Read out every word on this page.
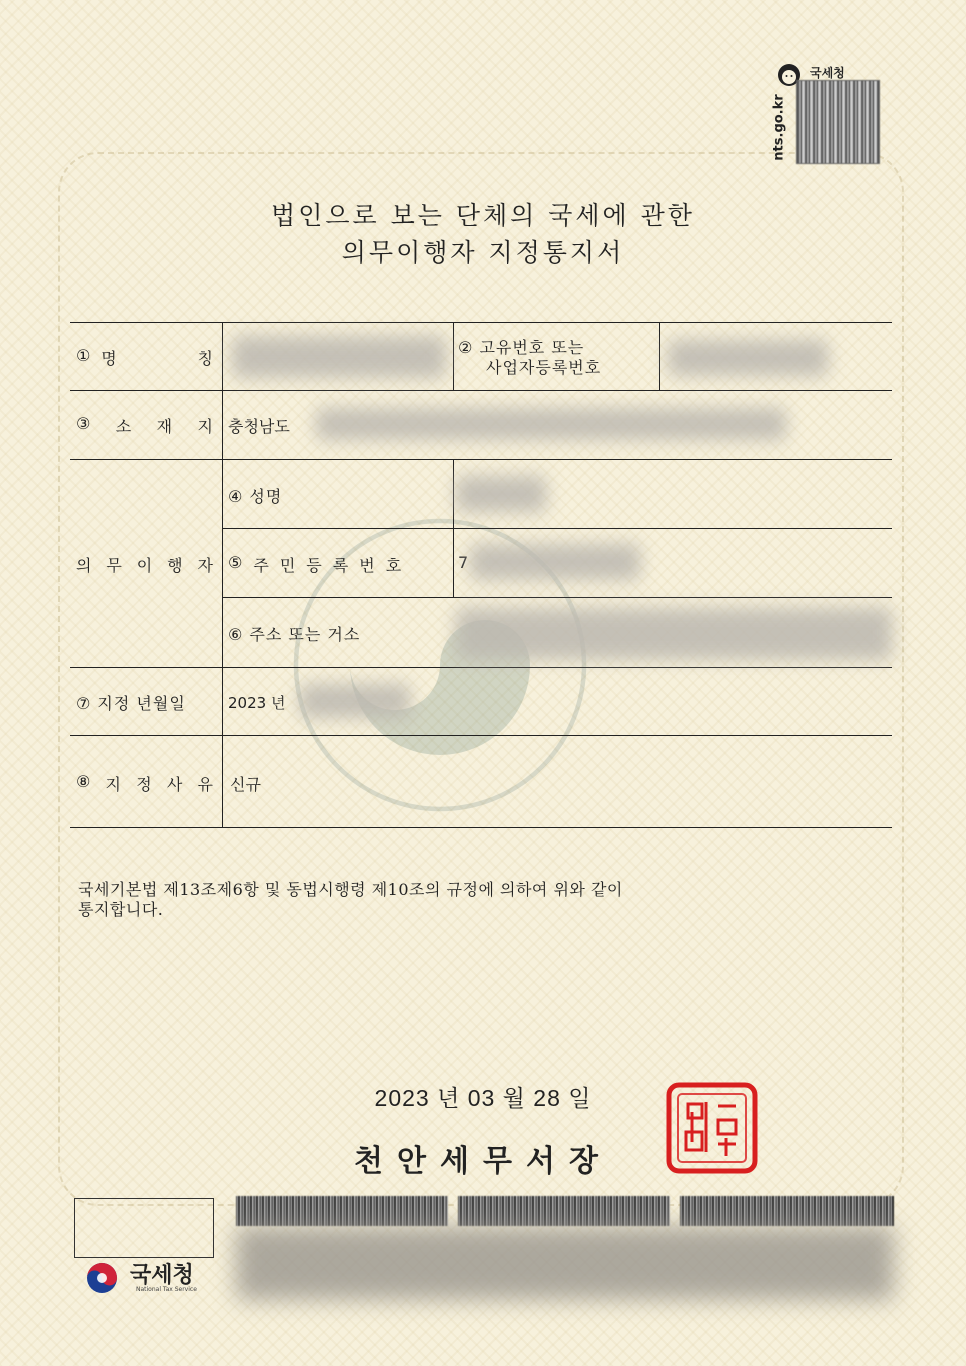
국세청
nts.go.kr
법인으로 보는 단체의 국세에 관한
의무이행자 지정통지서
① 명	칭
② 고유번호 또는
사업자등록번호
③ 소 재 지 충청남도
의 무 이 행 자
④ 성명
⑤ 주 민 등 록 번 호	7
⑥ 주소 또는 거소
⑦ 지정 년월일	2023 년
⑧ 지 정 사 유 신규
국세기본법 제13조제6항 및 동법시행령 제10조의 규정에 의하여 위와 같이
통지합니다.
2023 년 03 월 28 일
천안세무서장
국세청
National Tax Service
